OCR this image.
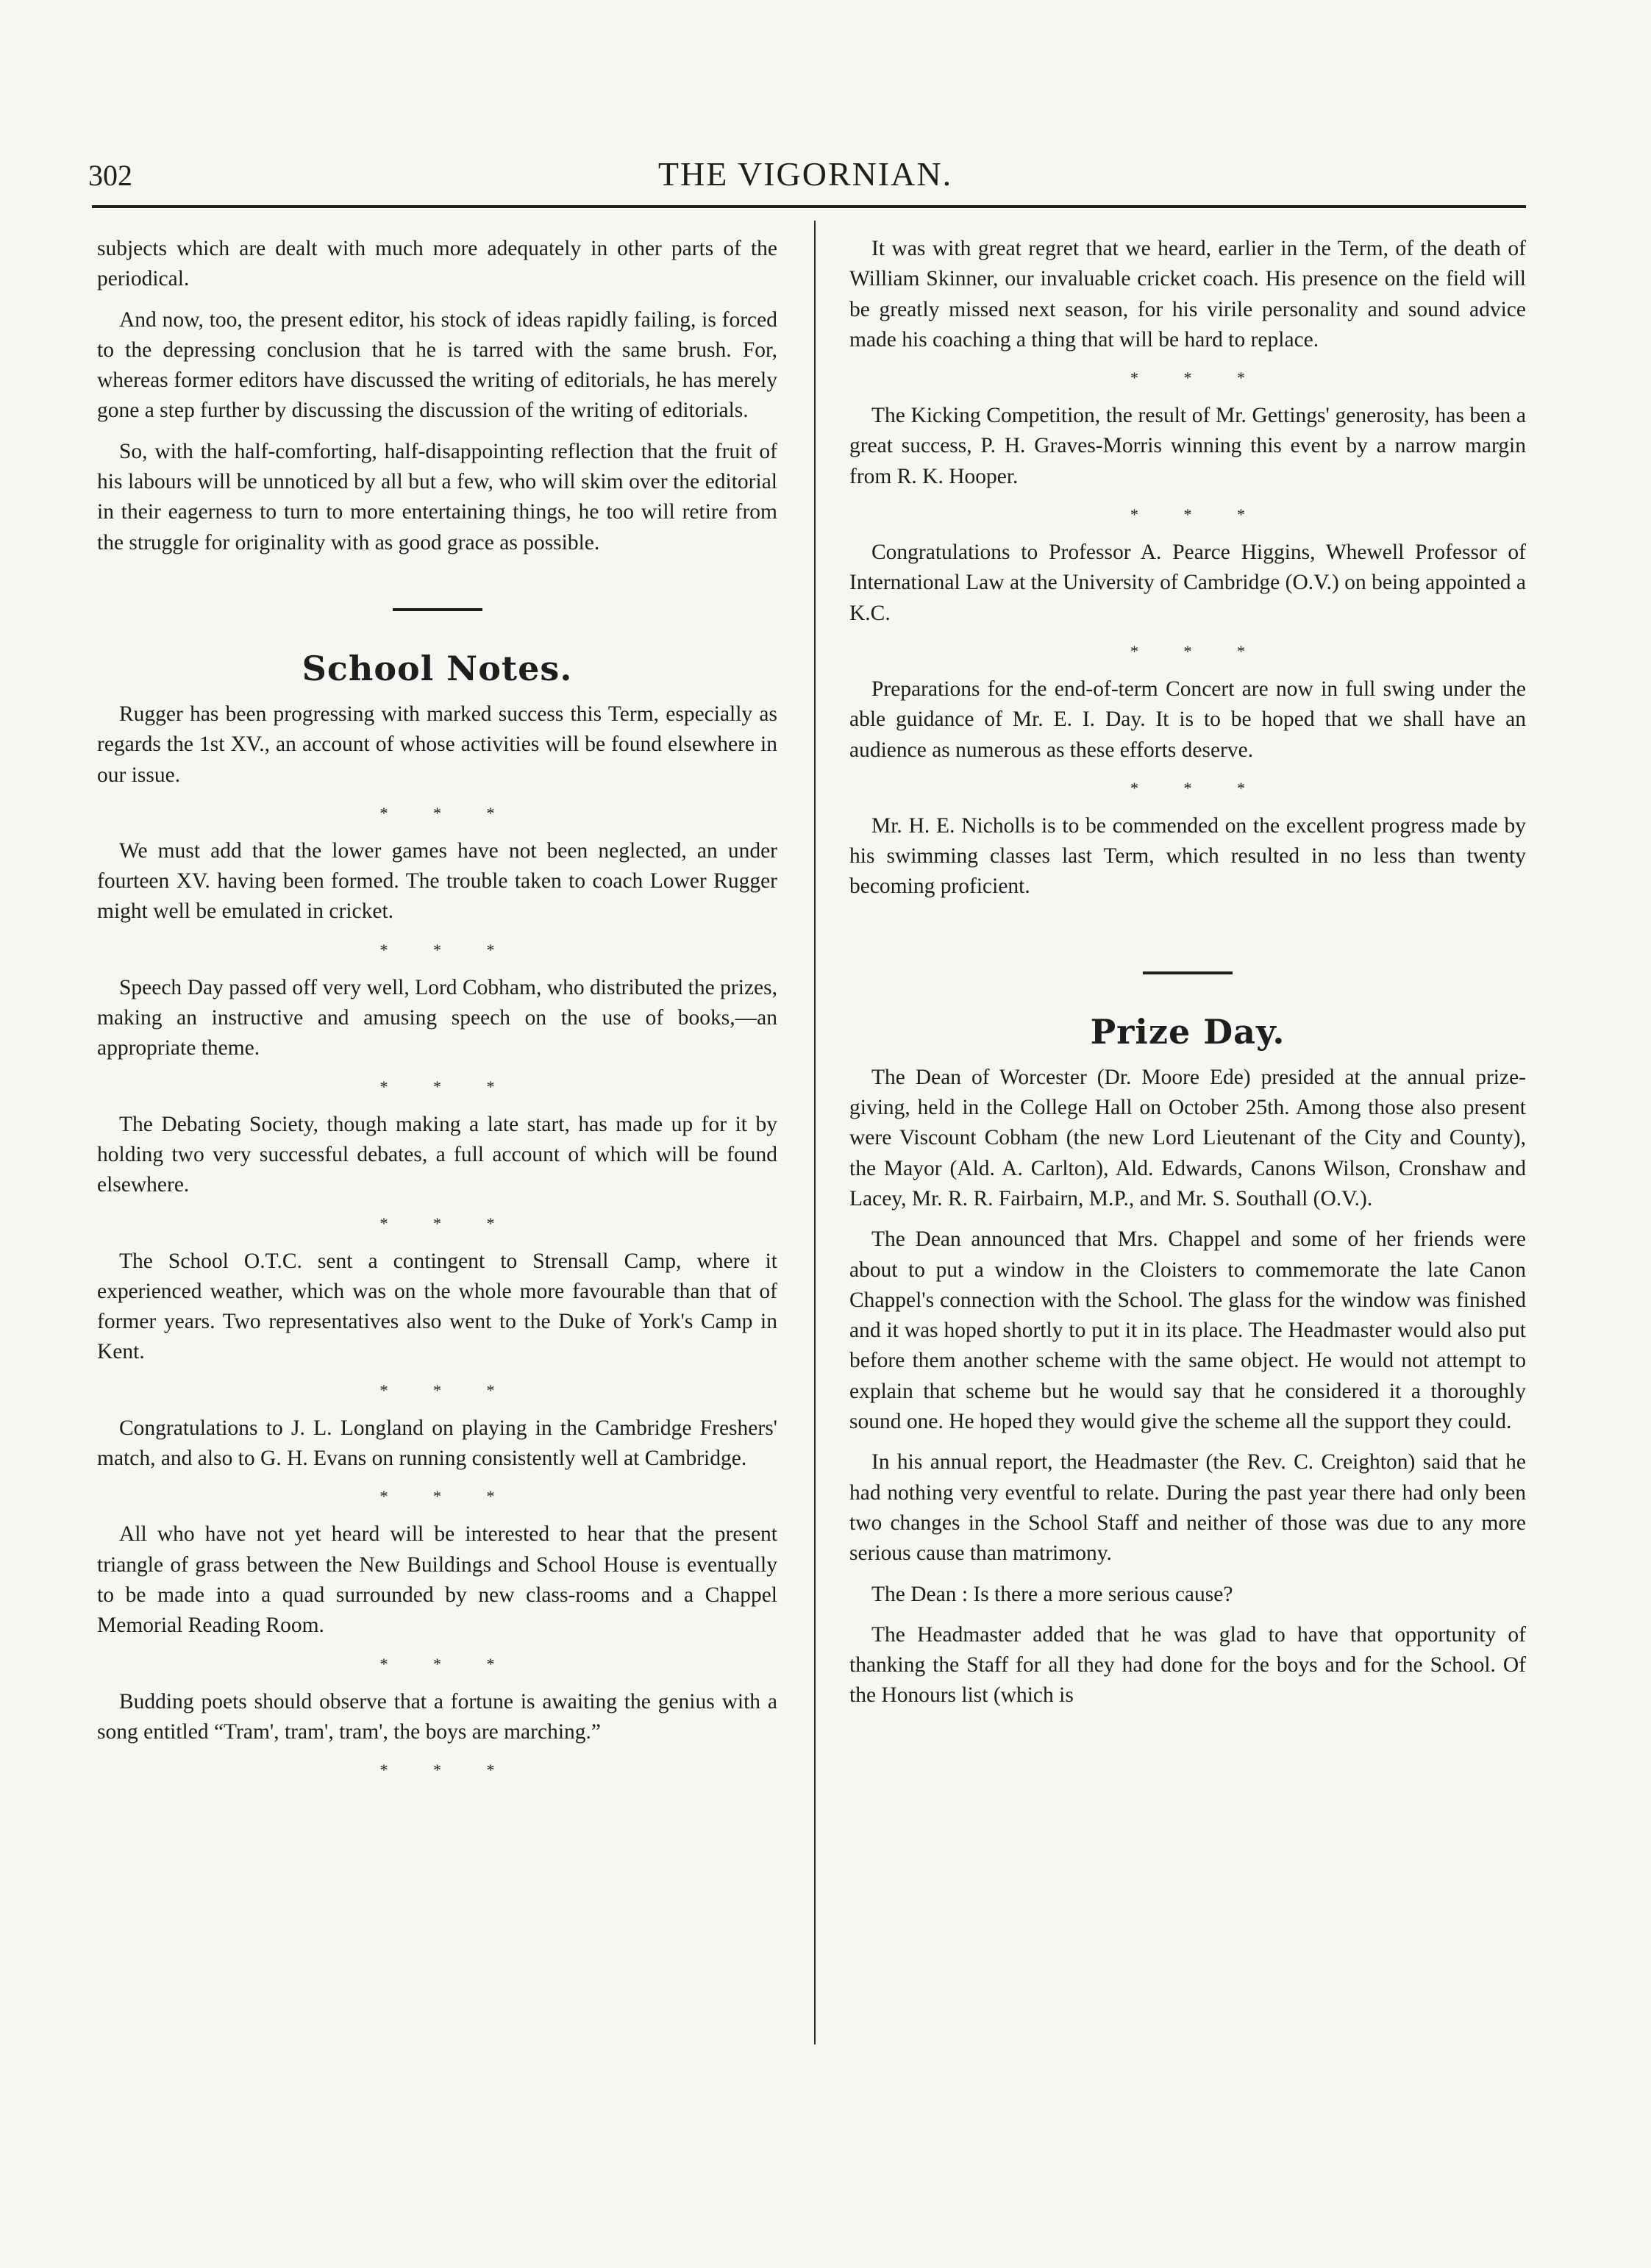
302	THE VIGORNIAN.

subjects which are dealt with much more adequately in other parts of the periodical.

And now, too, the present editor, his stock of ideas rapidly failing, is forced to the depressing conclusion that he is tarred with the same brush. For, whereas former editors have discussed the writing of editorials, he has merely gone a step further by discussing the discussion of the writing of editorials.

So, with the half-comforting, half-disappointing reflection that the fruit of his labours will be unnoticed by all but a few, who will skim over the editorial in their eagerness to turn to more entertaining things, he too will retire from the struggle for originality with as good grace as possible.

School Notes.

Rugger has been progressing with marked success this Term, especially as regards the 1st XV., an account of whose activities will be found elsewhere in our issue.

* * *

We must add that the lower games have not been neglected, an under fourteen XV. having been formed. The trouble taken to coach Lower Rugger might well be emulated in cricket.

* * *

Speech Day passed off very well, Lord Cobham, who distributed the prizes, making an instructive and amusing speech on the use of books,—an appropriate theme.

* * *

The Debating Society, though making a late start, has made up for it by holding two very successful debates, a full account of which will be found elsewhere.

* * *

The School O.T.C. sent a contingent to Strensall Camp, where it experienced weather, which was on the whole more favourable than that of former years. Two representatives also went to the Duke of York's Camp in Kent.

* * *

Congratulations to J. L. Longland on playing in the Cambridge Freshers' match, and also to G. H. Evans on running consistently well at Cambridge.

* * *

All who have not yet heard will be interested to hear that the present triangle of grass between the New Buildings and School House is eventually to be made into a quad surrounded by new class-rooms and a Chappel Memorial Reading Room.

* * *

Budding poets should observe that a fortune is awaiting the genius with a song entitled “Tram', tram', tram', the boys are marching.”

* * *

It was with great regret that we heard, earlier in the Term, of the death of William Skinner, our invaluable cricket coach. His presence on the field will be greatly missed next season, for his virile personality and sound advice made his coaching a thing that will be hard to replace.

* * *

The Kicking Competition, the result of Mr. Gettings' generosity, has been a great success, P. H. Graves-Morris winning this event by a narrow margin from R. K. Hooper.

* * *

Congratulations to Professor A. Pearce Higgins, Whewell Professor of International Law at the University of Cambridge (O.V.) on being appointed a K.C.

* * *

Preparations for the end-of-term Concert are now in full swing under the able guidance of Mr. E. I. Day. It is to be hoped that we shall have an audience as numerous as these efforts deserve.

* * *

Mr. H. E. Nicholls is to be commended on the excellent progress made by his swimming classes last Term, which resulted in no less than twenty becoming proficient.

Prize Day.

The Dean of Worcester (Dr. Moore Ede) presided at the annual prize-giving, held in the College Hall on October 25th. Among those also present were Viscount Cobham (the new Lord Lieutenant of the City and County), the Mayor (Ald. A. Carlton), Ald. Edwards, Canons Wilson, Cronshaw and Lacey, Mr. R. R. Fairbairn, M.P., and Mr. S. Southall (O.V.).

The Dean announced that Mrs. Chappel and some of her friends were about to put a window in the Cloisters to commemorate the late Canon Chappel's connection with the School. The glass for the window was finished and it was hoped shortly to put it in its place. The Headmaster would also put before them another scheme with the same object. He would not attempt to explain that scheme but he would say that he considered it a thoroughly sound one. He hoped they would give the scheme all the support they could.

In his annual report, the Headmaster (the Rev. C. Creighton) said that he had nothing very eventful to relate. During the past year there had only been two changes in the School Staff and neither of those was due to any more serious cause than matrimony.

The Dean : Is there a more serious cause?

The Headmaster added that he was glad to have that opportunity of thanking the Staff for all they had done for the boys and for the School. Of the Honours list (which is
